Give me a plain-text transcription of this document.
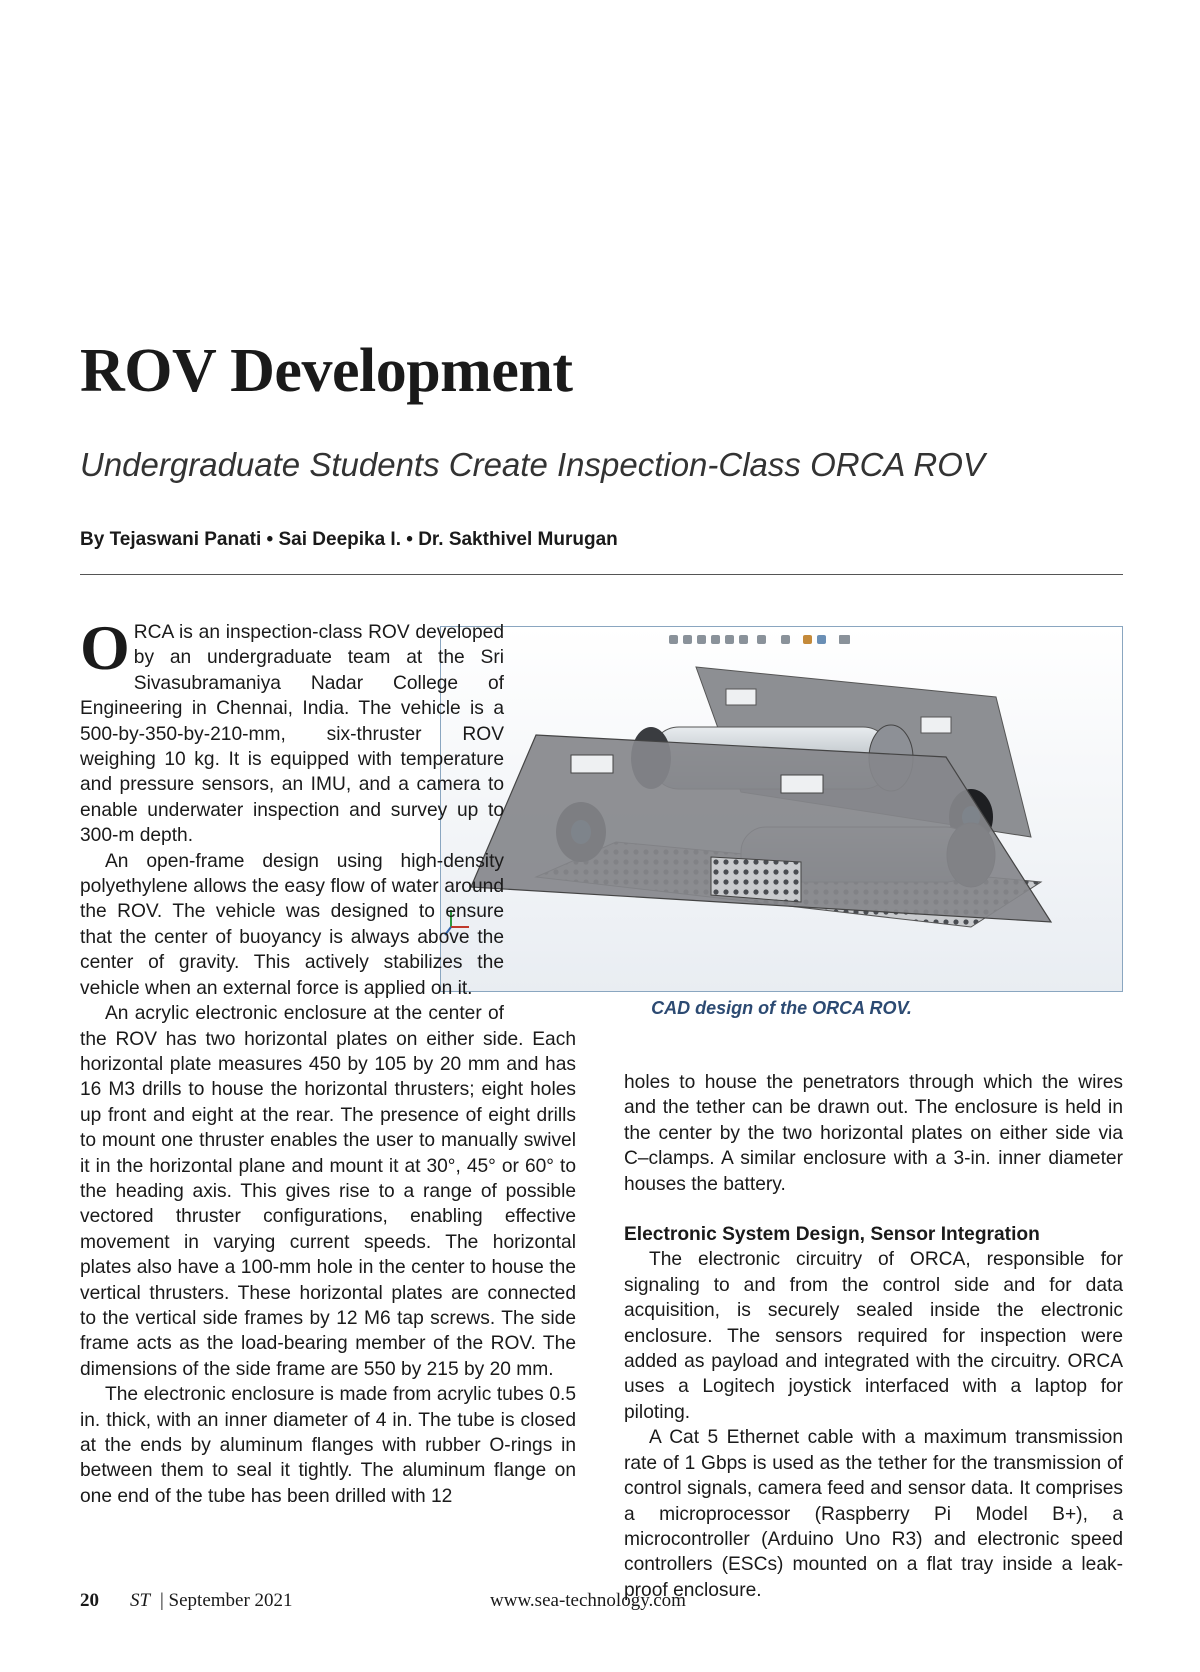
ROV Development
Undergraduate Students Create Inspection-Class ORCA ROV
By Tejaswani Panati • Sai Deepika I. • Dr. Sakthivel Murugan
CAD design of the ORCA ROV.

ORCA is an inspection-class ROV developed by an undergraduate team at the Sri Sivasubramaniya Nadar College of Engineering in Chennai, India. The vehicle is a 500-by-350-by-210-mm, six-thruster ROV weighing 10 kg. It is equipped with temperature and pressure sensors, an IMU, and a camera to enable underwater inspection and survey up to 300-m depth.

An open-frame design using high-density polyethylene allows the easy flow of water around the ROV. The vehicle was designed to ensure that the center of buoyancy is always above the center of gravity. This actively stabilizes the vehicle when an external force is applied on it.

An acrylic electronic enclosure at the center of the ROV has two horizontal plates on either side. Each horizontal plate measures 450 by 105 by 20 mm and has 16 M3 drills to house the horizontal thrusters; eight holes up front and eight at the rear. The presence of eight drills to mount one thruster enables the user to manually swivel it in the horizontal plane and mount it at 30°, 45° or 60° to the heading axis. This gives rise to a range of possible vectored thruster configurations, enabling effective movement in varying current speeds. The horizontal plates also have a 100-mm hole in the center to house the vertical thrusters. These horizontal plates are connected to the vertical side frames by 12 M6 tap screws. The side frame acts as the load-bearing member of the ROV. The dimensions of the side frame are 550 by 215 by 20 mm.

The electronic enclosure is made from acrylic tubes 0.5 in. thick, with an inner diameter of 4 in. The tube is closed at the ends by aluminum flanges with rubber O-rings in between them to seal it tightly. The aluminum flange on one end of the tube has been drilled with 12

holes to house the penetrators through which the wires and the tether can be drawn out. The enclosure is held in the center by the two horizontal plates on either side via C–clamps. A similar enclosure with a 3-in. inner diameter houses the battery.

Electronic System Design, Sensor Integration

The electronic circuitry of ORCA, responsible for signaling to and from the control side and for data acquisition, is securely sealed inside the electronic enclosure. The sensors required for inspection were added as payload and integrated with the circuitry. ORCA uses a Logitech joystick interfaced with a laptop for piloting.

A Cat 5 Ethernet cable with a maximum transmission rate of 1 Gbps is used as the tether for the transmission of control signals, camera feed and sensor data. It comprises a microprocessor (Raspberry Pi Model B+), a microcontroller (Arduino Uno R3) and electronic speed controllers (ESCs) mounted on a flat tray inside a leak-proof enclosure.

20 ST | September 2021	www.sea-technology.com
